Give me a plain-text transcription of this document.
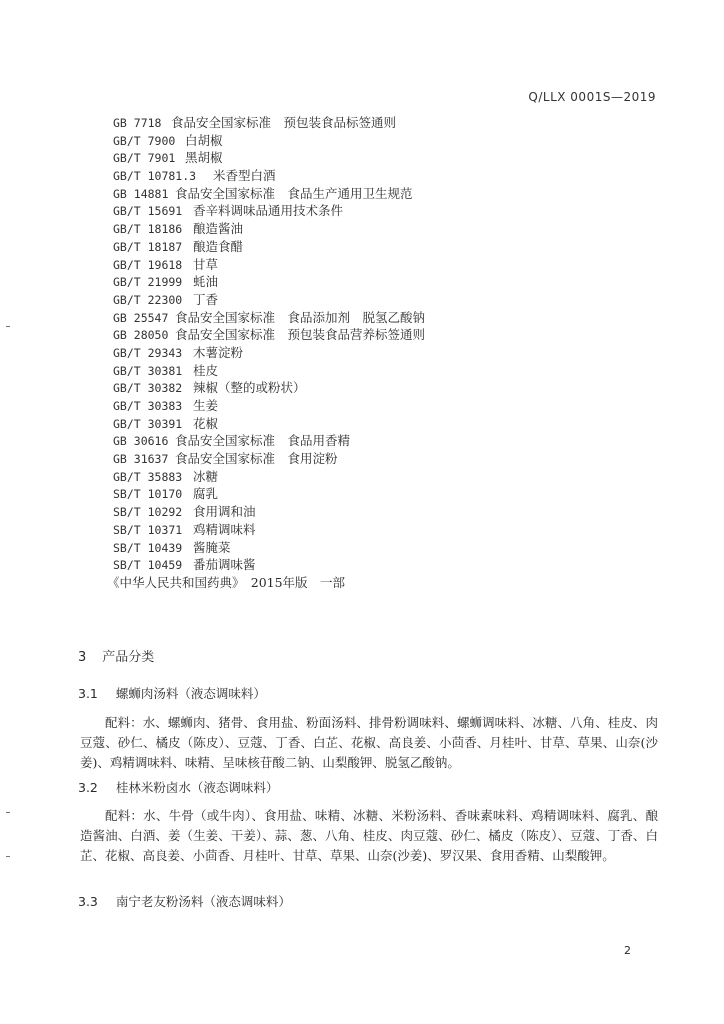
Q/LLX 0001S—2019
GB 7718 食品安全国家标准　预包装食品标签通则
GB/T 7900 白胡椒
GB/T 7901 黑胡椒
GB/T 10781.3 米香型白酒
GB 14881 食品安全国家标准　食品生产通用卫生规范
GB/T 15691 香辛料调味品通用技术条件
GB/T 18186 酿造酱油
GB/T 18187 酿造食醋
GB/T 19618 甘草
GB/T 21999 蚝油
GB/T 22300 丁香
GB 25547 食品安全国家标准　食品添加剂　脱氢乙酸钠
GB 28050 食品安全国家标准　预包装食品营养标签通则
GB/T 29343 木薯淀粉
GB/T 30381 桂皮
GB/T 30382 辣椒（整的或粉状）
GB/T 30383 生姜
GB/T 30391 花椒
GB 30616 食品安全国家标准　食品用香精
GB 31637 食品安全国家标准　食用淀粉
GB/T 35883 冰糖
SB/T 10170 腐乳
SB/T 10292 食用调和油
SB/T 10371 鸡精调味料
SB/T 10439 酱腌菜
SB/T 10459 番茄调味酱
《中华人民共和国药典》　2015年版　一部
3 产品分类
3.1 螺蛳肉汤料（液态调味料）
配料：水、螺蛳肉、猪骨、食用盐、粉面汤料、排骨粉调味料、螺蛳调味料、冰糖、八角、桂皮、肉豆蔻、砂仁、橘皮（陈皮）、豆蔻、丁香、白芷、花椒、高良姜、小茴香、月桂叶、甘草、草果、山奈(沙姜)、鸡精调味料、味精、呈味核苷酸二钠、山梨酸钾、脱氢乙酸钠。
3.2 桂林米粉卤水（液态调味料）
配料：水、牛骨（或牛肉）、食用盐、味精、冰糖、米粉汤料、香味素味料、鸡精调味料、腐乳、酿造酱油、白酒、姜（生姜、干姜）、蒜、葱、八角、桂皮、肉豆蔻、砂仁、橘皮（陈皮）、豆蔻、丁香、白芷、花椒、高良姜、小茴香、月桂叶、甘草、草果、山奈(沙姜)、罗汉果、食用香精、山梨酸钾。
3.3 南宁老友粉汤料（液态调味料）
2
